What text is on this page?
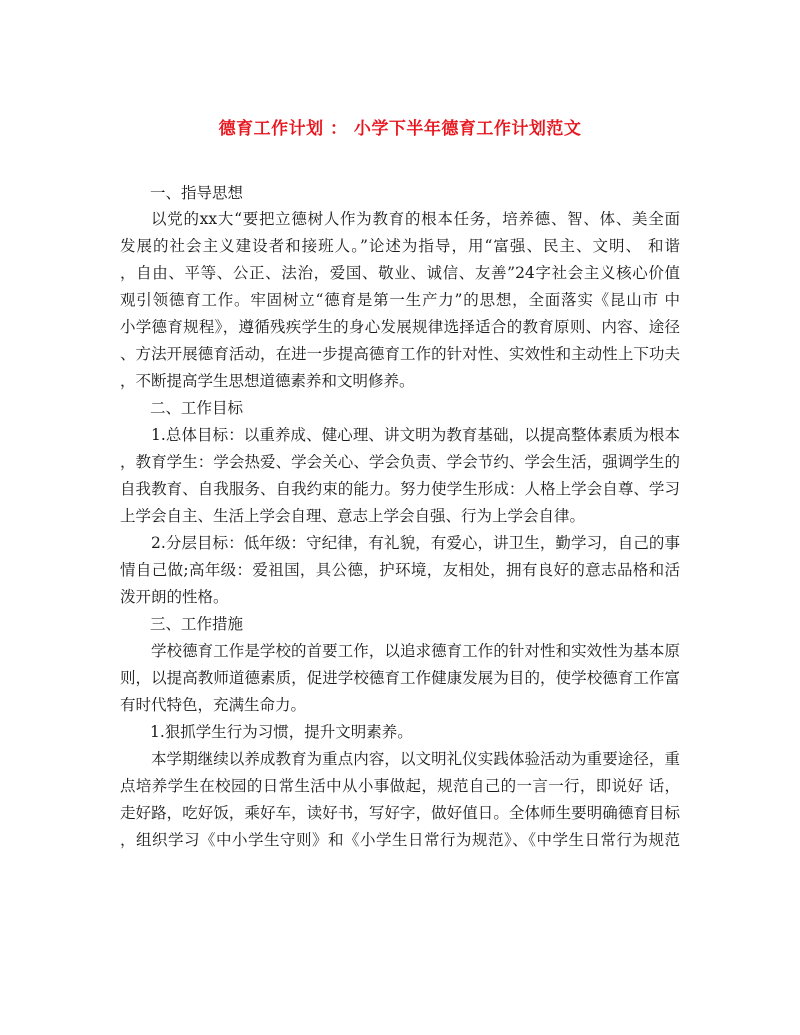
德育工作计划 ： 小学下半年德育工作计划范文
一、指导思想
以党的xx大“要把立德树人作为教育的根本任务，培养德、智、体、美全面
发展的社会主义建设者和接班人。”论述为指导，用“富强、民主、文明、 和谐
，自由、平等、公正、法治，爱国、敬业、诚信、友善”24字社会主义核心价值
观引领德育工作。牢固树立“德育是第一生产力”的思想，全面落实《昆山市 中
小学德育规程》，遵循残疾学生的身心发展规律选择适合的教育原则、内容、途径
、方法开展德育活动，在进一步提高德育工作的针对性、实效性和主动性上下功夫
，不断提高学生思想道德素养和文明修养。
二、工作目标
1.总体目标：以重养成、健心理、讲文明为教育基础，以提高整体素质为根本
，教育学生：学会热爱、学会关心、学会负责、学会节约、学会生活，强调学生的
自我教育、自我服务、自我约束的能力。努力使学生形成：人格上学会自尊、学习
上学会自主、生活上学会自理、意志上学会自强、行为上学会自律。
2.分层目标：低年级：守纪律，有礼貌，有爱心，讲卫生，勤学习，自己的事
情自己做;高年级：爱祖国，具公德，护环境，友相处，拥有良好的意志品格和活
泼开朗的性格。
三、工作措施
学校德育工作是学校的首要工作，以追求德育工作的针对性和实效性为基本原
则，以提高教师道德素质，促进学校德育工作健康发展为目的，使学校德育工作富
有时代特色，充满生命力。
1.狠抓学生行为习惯，提升文明素养。
本学期继续以养成教育为重点内容，以文明礼仪实践体验活动为重要途径，重
点培养学生在校园的日常生活中从小事做起，规范自己的一言一行，即说好 话，
走好路，吃好饭，乘好车，读好书，写好字，做好值日。全体师生要明确德育目标
，组织学习《中小学生守则》和《小学生日常行为规范》、《中学生日常行为规范
